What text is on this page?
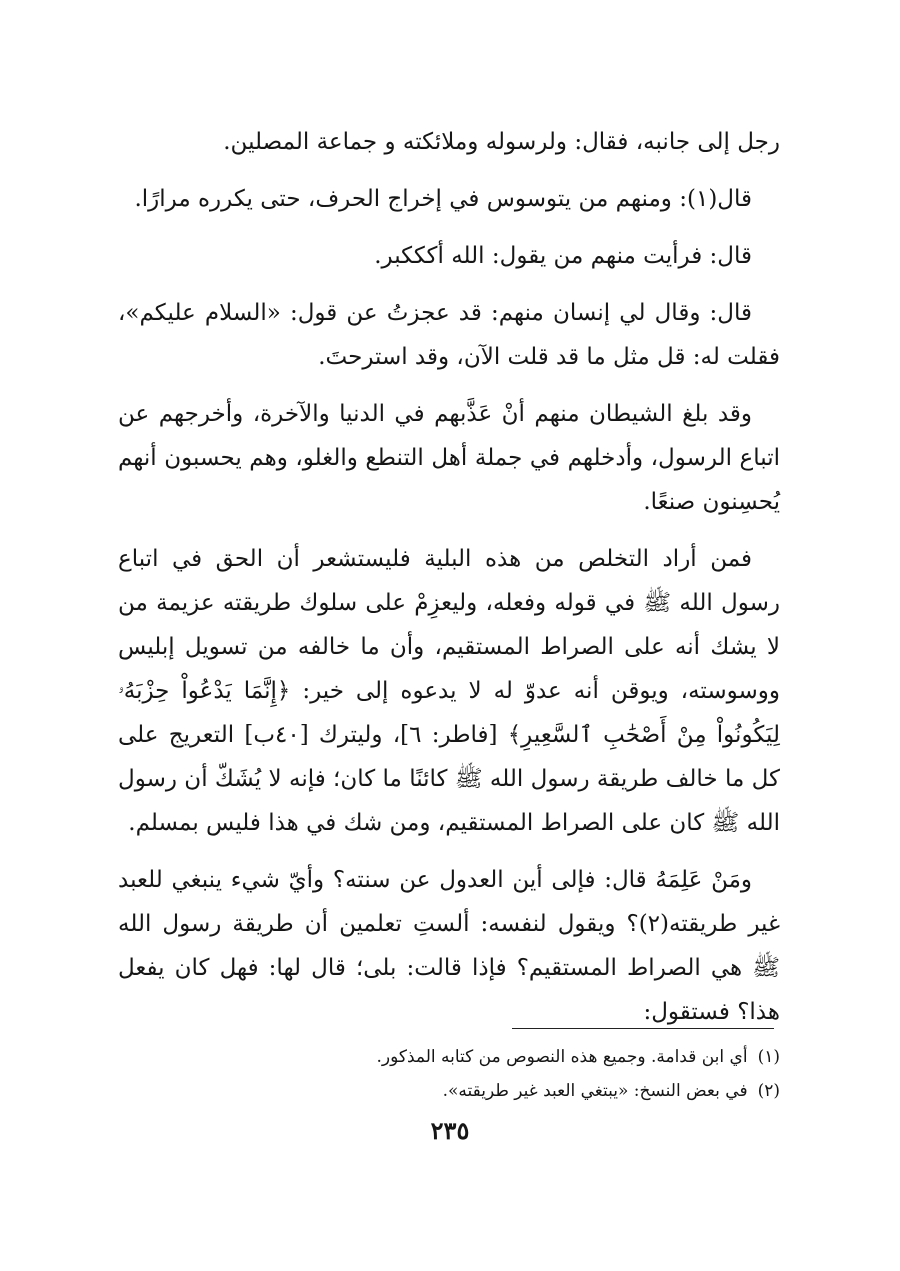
رجل إلى جانبه، فقال: ولرسوله وملائكته و جماعة المصلين.

قال(١): ومنهم من يتوسوس في إخراج الحرف، حتى يكرره مرارًا.

قال: فرأيت منهم من يقول: الله أكككبر.

قال: وقال لي إنسان منهم: قد عجزتُ عن قول: «السلام عليكم»، فقلت له: قل مثل ما قد قلت الآن، وقد استرحتَ.

وقد بلغ الشيطان منهم أنْ عَذَّبهم في الدنيا والآخرة، وأخرجهم عن اتباع الرسول، وأدخلهم في جملة أهل التنطع والغلو، وهم يحسبون أنهم يُحسِنون صنعًا.

فمن أراد التخلص من هذه البلية فليستشعر أن الحق في اتباع رسول الله ﷺ في قوله وفعله، وليعزِمْ على سلوك طريقته عزيمة من لا يشك أنه على الصراط المستقيم، وأن ما خالفه من تسويل إبليس ووسوسته، ويوقن أنه عدوّ له لا يدعوه إلى خير: ﴿إِنَّمَا يَدْعُواْ حِزْبَهُۥ لِيَكُونُواْ مِنْ أَصْحَٰبِ ٱلسَّعِيرِ﴾ [فاطر: ٦]، وليترك [٤٠ب] التعريج على كل ما خالف طريقة رسول الله ﷺ كائنًا ما كان؛ فإنه لا يُشَكّ أن رسول الله ﷺ كان على الصراط المستقيم، ومن شك في هذا فليس بمسلم.

ومَنْ عَلِمَهُ قال: فإلى أين العدول عن سنته؟ وأيّ شيء ينبغي للعبد غير طريقته(٢)؟ ويقول لنفسه: ألستِ تعلمين أن طريقة رسول الله ﷺ هي الصراط المستقيم؟ فإذا قالت: بلى؛ قال لها: فهل كان يفعل هذا؟ فستقول:

(١)أي ابن قدامة. وجميع هذه النصوص من كتابه المذكور.

(٢)في بعض النسخ: «يبتغي العبد غير طريقته».

٢٣٥
